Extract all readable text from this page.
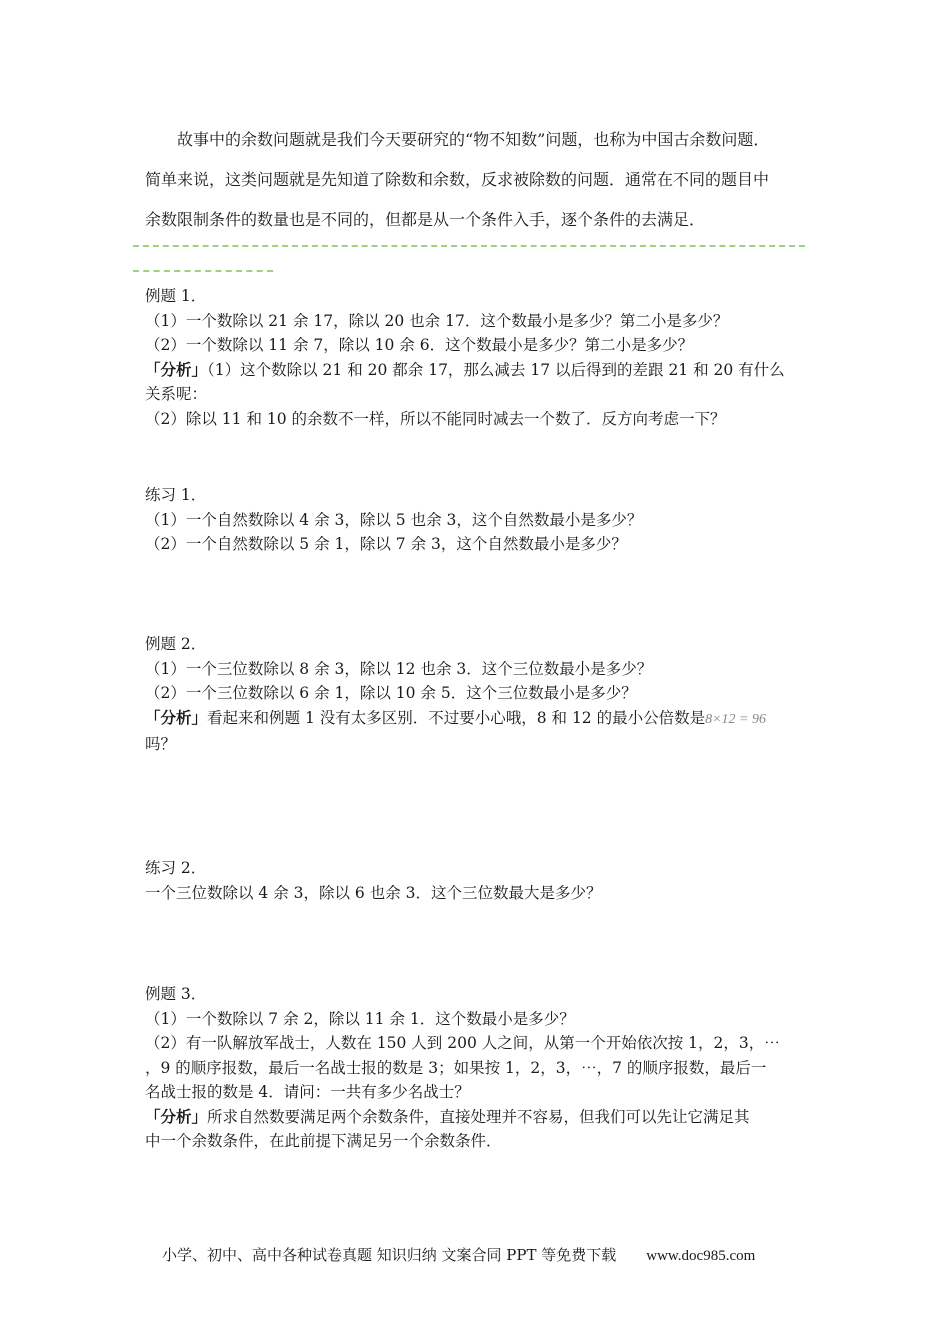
故事中的余数问题就是我们今天要研究的“物不知数”问题，也称为中国古余数问题．

简单来说，这类问题就是先知道了除数和余数，反求被除数的问题．通常在不同的题目中

余数限制条件的数量也是不同的，但都是从一个条件入手，逐个条件的去满足．

例题 1．
（1）一个数除以 21 余 17，除以 20 也余 17．这个数最小是多少？第二小是多少？
（2）一个数除以 11 余 7，除以 10 余 6．这个数最小是多少？第二小是多少？
「分析」（1）这个数除以 21 和 20 都余 17，那么减去 17 以后得到的差跟 21 和 20 有什么
关系呢：
（2）除以 11 和 10 的余数不一样，所以不能同时减去一个数了．反方向考虑一下？
练习 1．
（1）一个自然数除以 4 余 3，除以 5 也余 3，这个自然数最小是多少？
（2）一个自然数除以 5 余 1，除以 7 余 3，这个自然数最小是多少？
例题 2．
（1）一个三位数除以 8 余 3，除以 12 也余 3．这个三位数最小是多少？
（2）一个三位数除以 6 余 1，除以 10 余 5．这个三位数最小是多少？
「分析」看起来和例题 1 没有太多区别．不过要小心哦，8 和 12 的最小公倍数是8×12 = 96
吗？
练习 2．
一个三位数除以 4 余 3，除以 6 也余 3．这个三位数最大是多少？
例题 3．
（1）一个数除以 7 余 2，除以 11 余 1．这个数最小是多少？
（2）有一队解放军战士，人数在 150 人到 200 人之间，从第一个开始依次按 1，2，3，⋯
，9 的顺序报数，最后一名战士报的数是 3；如果按 1，2，3，⋯，7 的顺序报数，最后一
名战士报的数是 4．请问：一共有多少名战士？
「分析」所求自然数要满足两个余数条件，直接处理并不容易，但我们可以先让它满足其
中一个余数条件，在此前提下满足另一个余数条件．
小学、初中、高中各种试卷真题 知识归纳 文案合同 PPT 等免费下载 www.doc985.com
